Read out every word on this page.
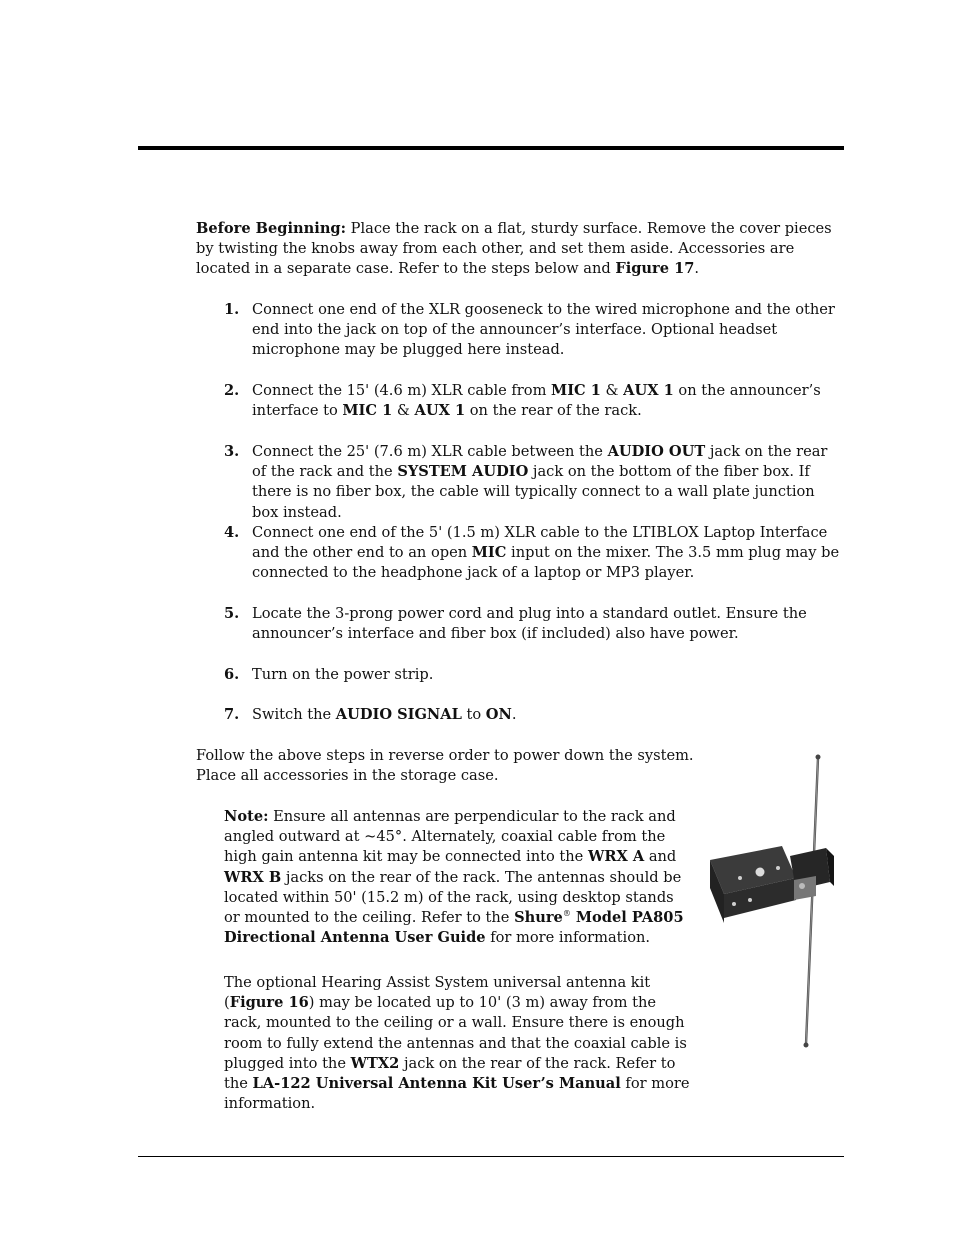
Before Beginning: Place the rack on a flat, sturdy surface. Remove the cover pieces by twisting the knobs away from each other, and set them aside. Accessories are located in a separate case. Refer to the steps below and Figure 17.

1. Connect one end of the XLR gooseneck to the wired microphone and the other end into the jack on top of the announcer’s interface. Optional headset microphone may be plugged here instead.

2. Connect the 15' (4.6 m) XLR cable from MIC 1 & AUX 1 on the announcer’s interface to MIC 1 & AUX 1 on the rear of the rack.

3. Connect the 25' (7.6 m) XLR cable between the AUDIO OUT jack on the rear of the rack and the SYSTEM AUDIO jack on the bottom of the fiber box. If there is no fiber box, the cable will typically connect to a wall plate junction box instead.

4. Connect one end of the 5' (1.5 m) XLR cable to the LTIBLOX Laptop Interface and the other end to an open MIC input on the mixer. The 3.5 mm plug may be connected to the headphone jack of a laptop or MP3 player.

5. Locate the 3-prong power cord and plug into a standard outlet. Ensure the announcer’s interface and fiber box (if included) also have power.

6. Turn on the power strip.

7. Switch the AUDIO SIGNAL to ON.

Follow the above steps in reverse order to power down the system. Place all accessories in the storage case.

Note: Ensure all antennas are perpendicular to the rack and angled outward at ~45°. Alternately, coaxial cable from the high gain antenna kit may be connected into the WRX A and WRX B jacks on the rear of the rack. The antennas should be located within 50' (15.2 m) of the rack, using desktop stands or mounted to the ceiling. Refer to the Shure® Model PA805 Directional Antenna User Guide for more information.

The optional Hearing Assist System universal antenna kit (Figure 16) may be located up to 10' (3 m) away from the rack, mounted to the ceiling or a wall. Ensure there is enough room to fully extend the antennas and that the coaxial cable is plugged into the WTX2 jack on the rear of the rack. Refer to the LA-122 Universal Antenna Kit User’s Manual for more information.
